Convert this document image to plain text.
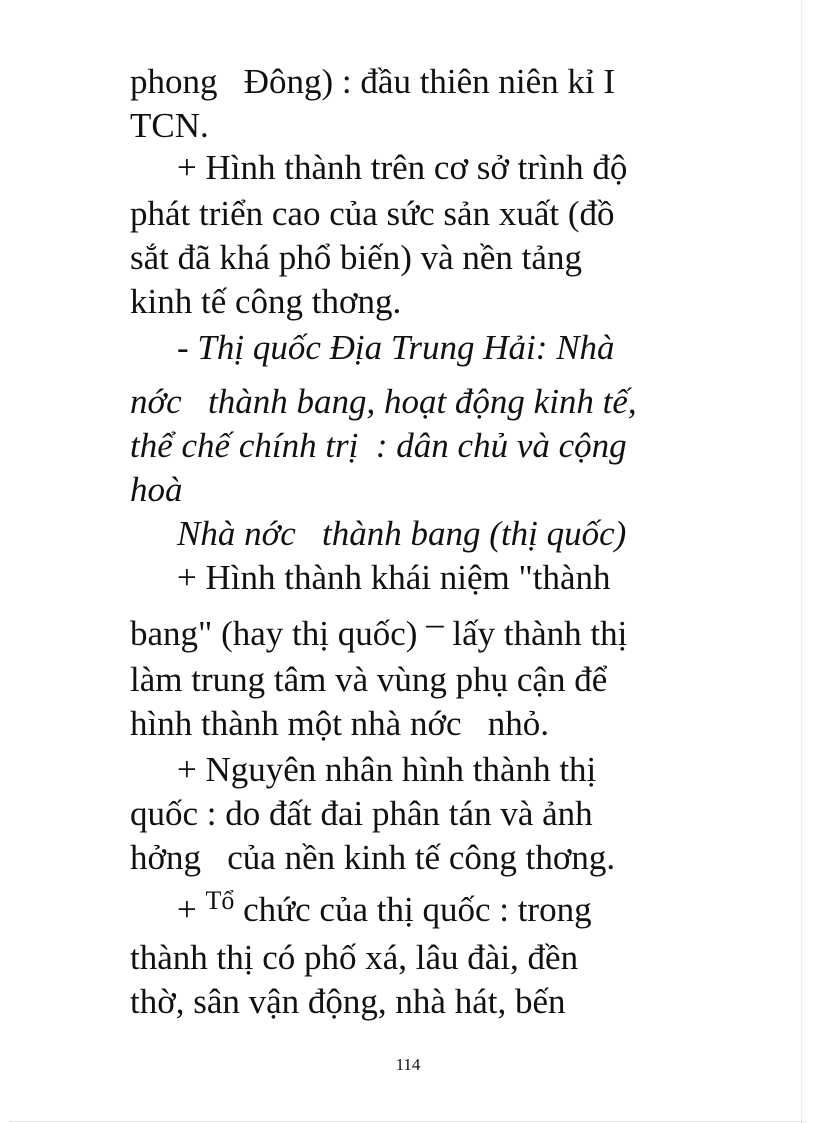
phong   Đông) : đầu thiên niên kỉ I
TCN.
+ Hình thành trên cơ sở trình độ
phát triển cao của sức sản xuất (đồ
sắt đã khá phổ biến) và nền tảng
kinh tế công thơng.
- Thị quốc Địa Trung Hải: Nhà
nớc   thành bang, hoạt động kinh tế,
thể chế chính trị  : dân chủ và cộng
hoà
Nhà nớc   thành bang (thị quốc)
+ Hình thành khái niệm "thành
bang" (hay thị quốc) – lấy thành thị
làm trung tâm và vùng phụ cận để
hình thành một nhà nớc   nhỏ.
+ Nguyên nhân hình thành thị
quốc : do đất đai phân tán và ảnh
hởng   của nền kinh tế công thơng.
+ $^{Tổ}$ chức của thị quốc : trong
thành thị có phố xá, lâu đài, đền
thờ, sân vận động, nhà hát, bến
114
